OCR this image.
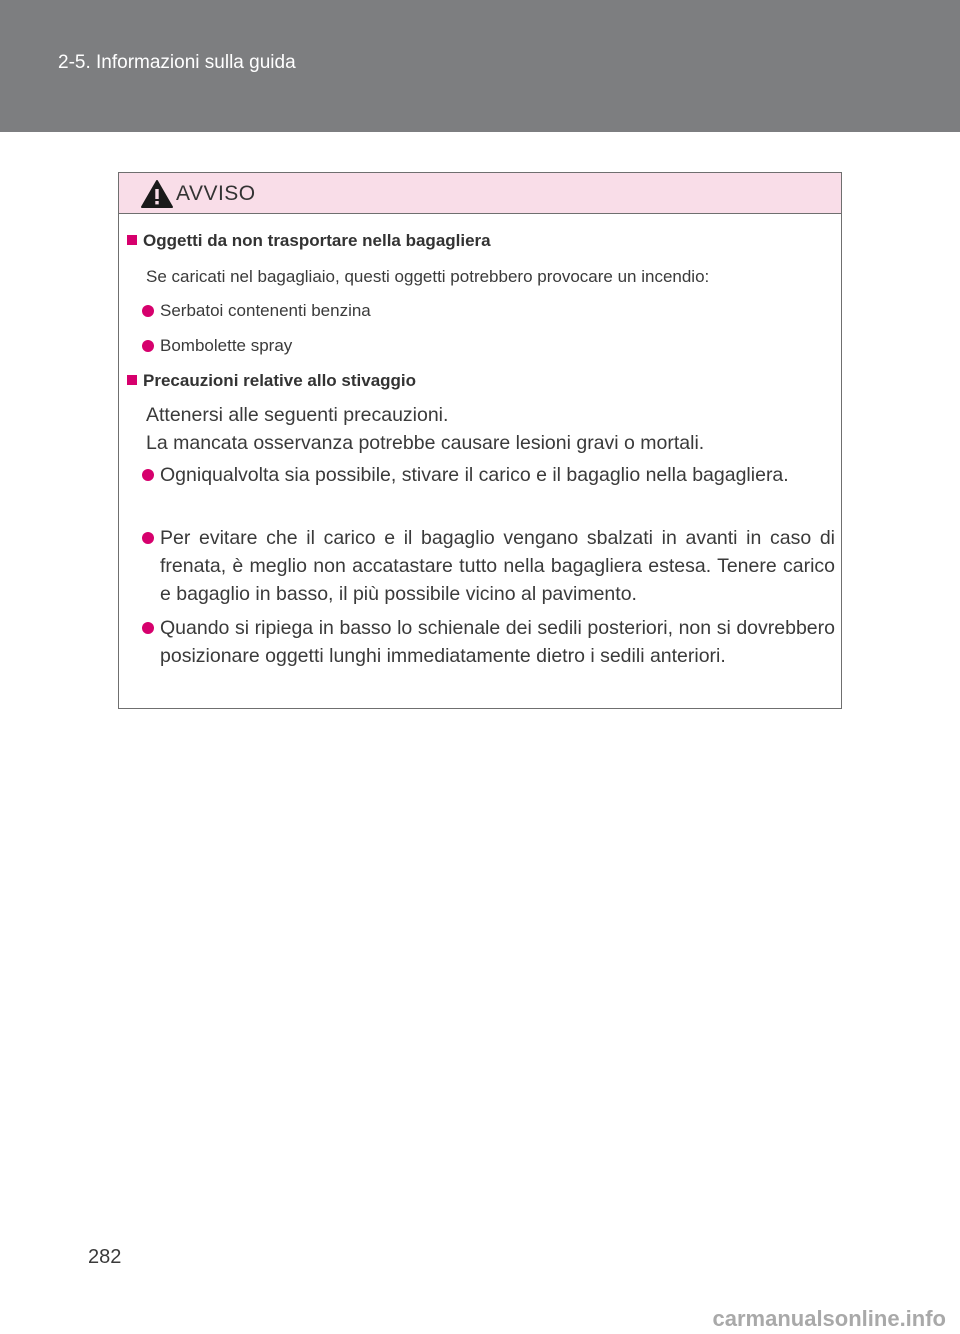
2-5. Informazioni sulla guida
AVVISO
Oggetti da non trasportare nella bagagliera
Se caricati nel bagagliaio, questi oggetti potrebbero provocare un incendio:
Serbatoi contenenti benzina
Bombolette spray
Precauzioni relative allo stivaggio
Attenersi alle seguenti precauzioni.
La mancata osservanza potrebbe causare lesioni gravi o mortali.
Ogniqualvolta sia possibile, stivare il carico e il bagaglio nella bagagliera.
Per evitare che il carico e il bagaglio vengano sbalzati in avanti in caso di frenata, è meglio non accatastare tutto nella bagagliera estesa. Tenere carico e bagaglio in basso, il più possibile vicino al pavimento.
Quando si ripiega in basso lo schienale dei sedili posteriori, non si dovrebbero posizionare oggetti lunghi immediatamente dietro i sedili anteriori.
282
carmanualsonline.info
